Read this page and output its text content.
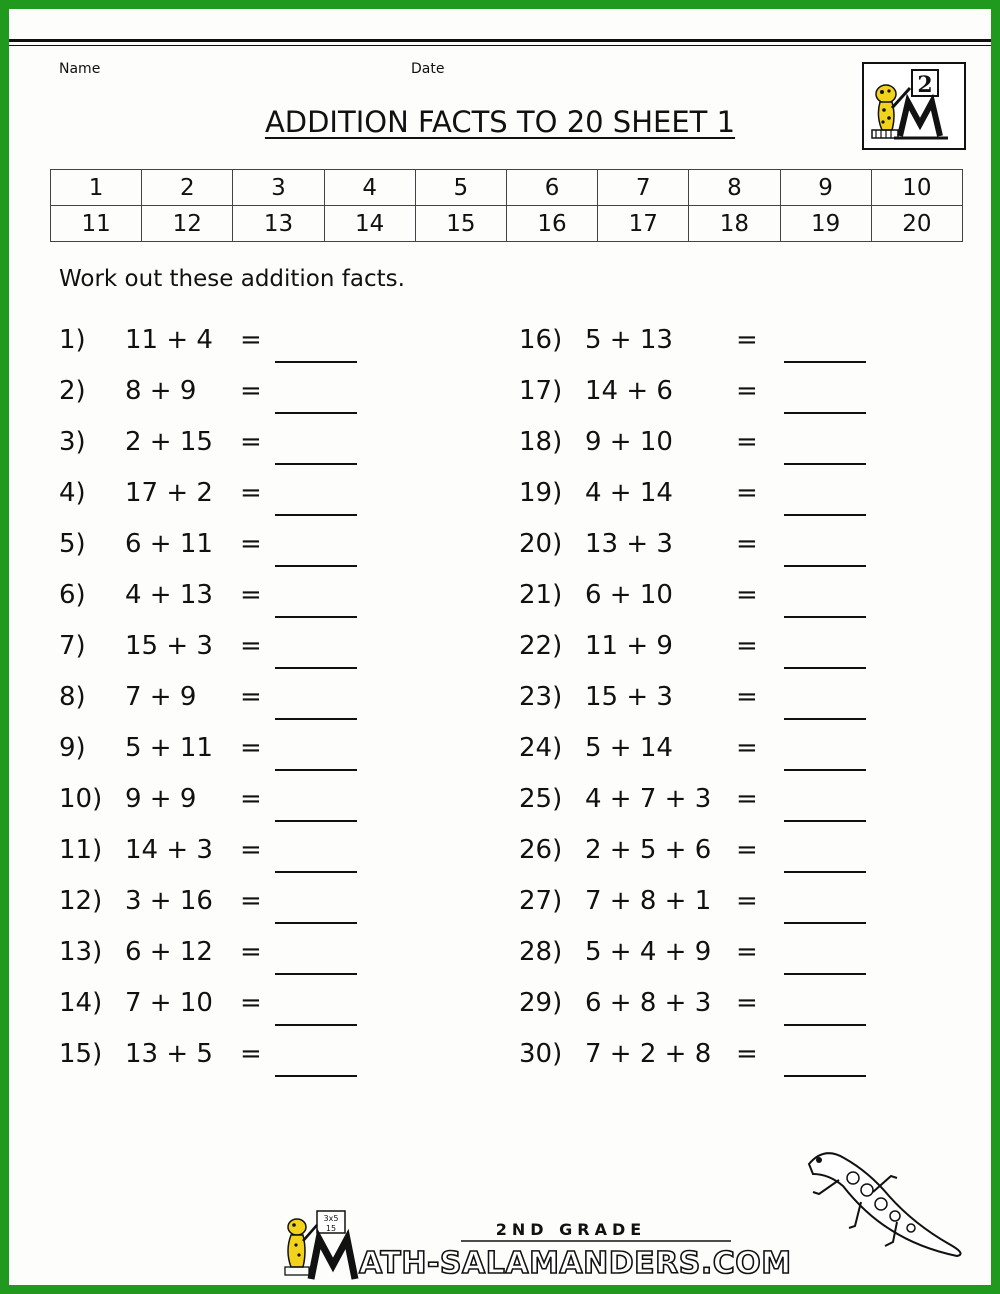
Name	Date
ADDITION FACTS TO 20 SHEET 1
2
1	2	3	4	5	6	7	8	9	10
11	12	13	14	15	16	17	18	19	20
Work out these addition facts.
1) 11 + 4 =
2) 8 + 9 =
3) 2 + 15 =
4) 17 + 2 =
5) 6 + 11 =
6) 4 + 13 =
7) 15 + 3 =
8) 7 + 9 =
9) 5 + 11 =
10) 9 + 9 =
11) 14 + 3 =
12) 3 + 16 =
13) 6 + 12 =
14) 7 + 10 =
15) 13 + 5 =
16) 5 + 13 =
17) 14 + 6 =
18) 9 + 10 =
19) 4 + 14 =
20) 13 + 3 =
21) 6 + 10 =
22) 11 + 9 =
23) 15 + 3 =
24) 5 + 14 =
25) 4 + 7 + 3 =
26) 2 + 5 + 6 =
27) 7 + 8 + 1 =
28) 5 + 4 + 9 =
29) 6 + 8 + 3 =
30) 7 + 2 + 8 =
3x5
15	2ND GRADE
ATH-SALAMANDERS.COM
